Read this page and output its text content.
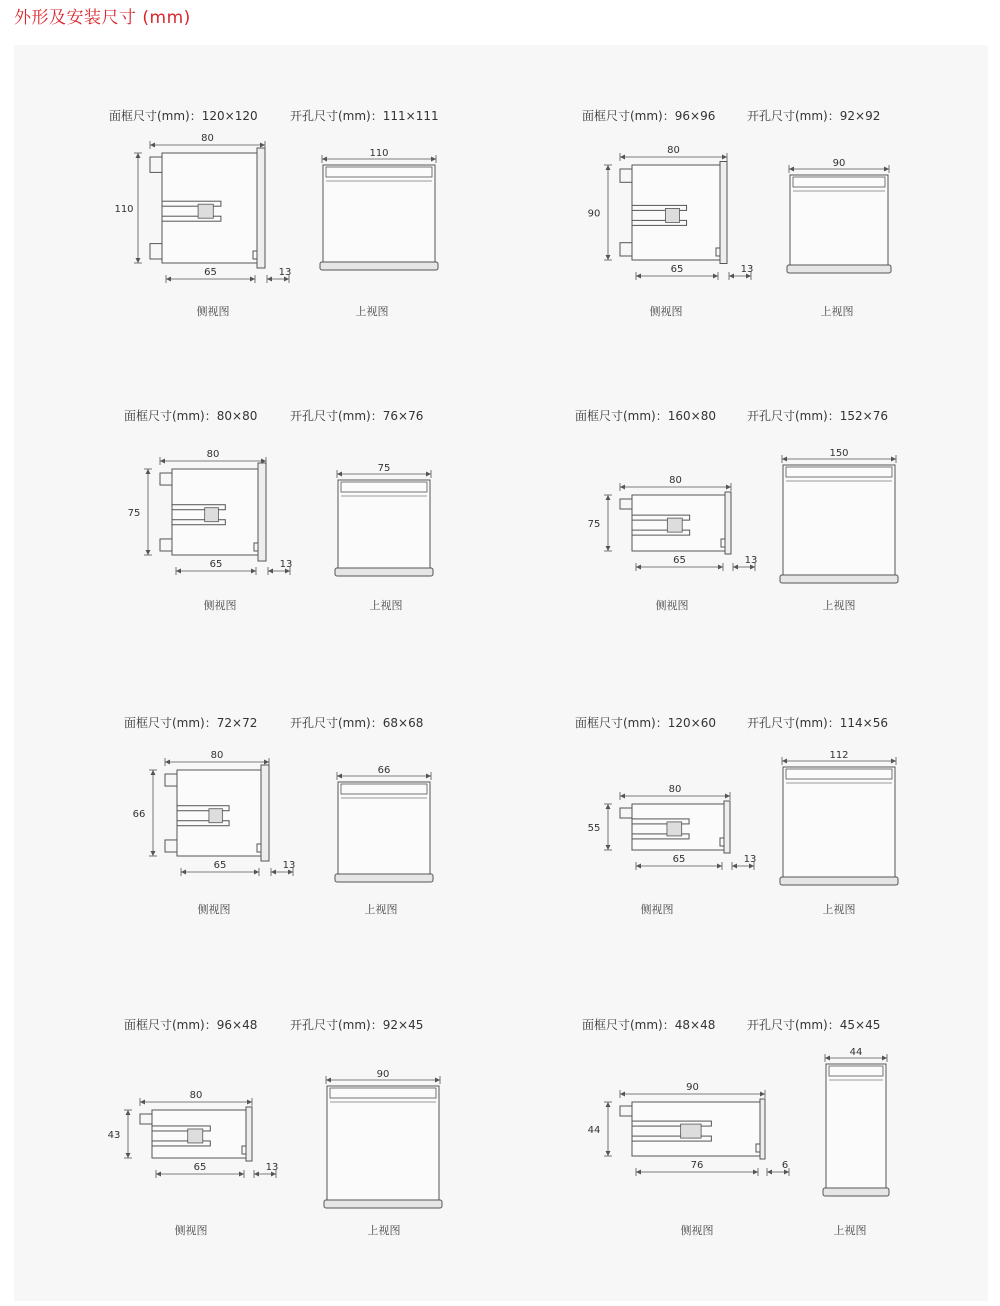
外形及安装尺寸 (mm)
面框尺寸(mm)：120×120	开孔尺寸(mm)：111×111
80
110
65	13
110
侧视图	上视图
面框尺寸(mm)：96×96	开孔尺寸(mm)：92×92
80
90
65	13
90
侧视图	上视图
面框尺寸(mm)：80×80	开孔尺寸(mm)：76×76
80
75
65	13
75
侧视图	上视图
面框尺寸(mm)：160×80	开孔尺寸(mm)：152×76
80
75
65	13
150
侧视图	上视图
面框尺寸(mm)：72×72	开孔尺寸(mm)：68×68
80
66
65	13
66
侧视图	上视图
面框尺寸(mm)：120×60	开孔尺寸(mm)：114×56
80
55
65	13
112
侧视图	上视图
面框尺寸(mm)：96×48	开孔尺寸(mm)：92×45
80
43
65	13
90
侧视图	上视图
面框尺寸(mm)：48×48	开孔尺寸(mm)：45×45
90
44
76	6
44
侧视图	上视图
